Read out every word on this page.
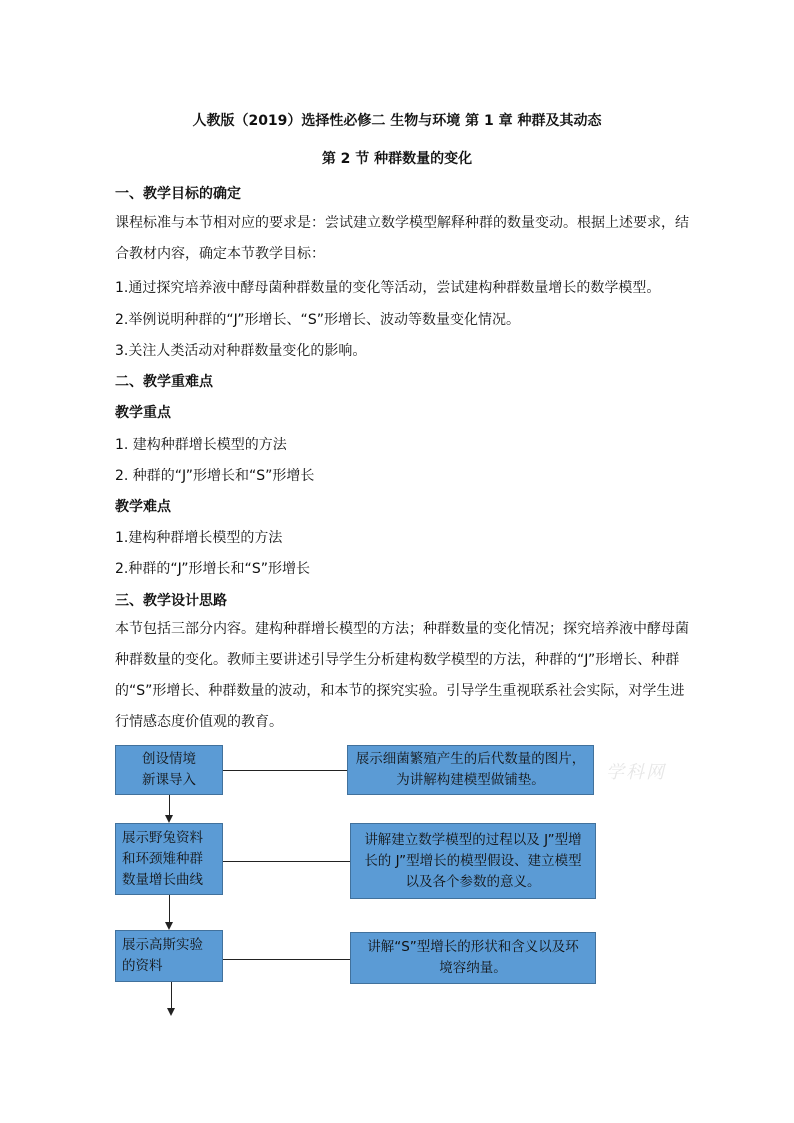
人教版（2019）选择性必修二 生物与环境 第 1 章 种群及其动态
第 2 节 种群数量的变化
一、教学目标的确定
课程标准与本节相对应的要求是：尝试建立数学模型解释种群的数量变动。根据上述要求，结合教材内容，确定本节教学目标：
1.通过探究培养液中酵母菌种群数量的变化等活动，尝试建构种群数量增长的数学模型。
2.举例说明种群的“J”形增长、“S”形增长、波动等数量变化情况。
3.关注人类活动对种群数量变化的影响。
二、教学重难点
教学重点
1. 建构种群增长模型的方法
2. 种群的“J”形增长和“S”形增长
教学难点
1.建构种群增长模型的方法
2.种群的“J”形增长和“S”形增长
三、教学设计思路
本节包括三部分内容。建构种群增长模型的方法；种群数量的变化情况；探究培养液中酵母菌种群数量的变化。教师主要讲述引导学生分析建构数学模型的方法，种群的“J”形增长、种群的“S”形增长、种群数量的波动，和本节的探究实验。引导学生重视联系社会实际，对学生进行情感态度价值观的教育。
创设情境
新课导入
展示野兔资料
和环颈雉种群
数量增长曲线
展示高斯实验
的资料
展示细菌繁殖产生的后代数量的图片，
为讲解构建模型做铺垫。
讲解建立数学模型的过程以及 J”型增
长的 J”型增长的模型假设、建立模型
以及各个参数的意义。
讲解“S”型增长的形状和含义以及环
境容纳量。
学科网
